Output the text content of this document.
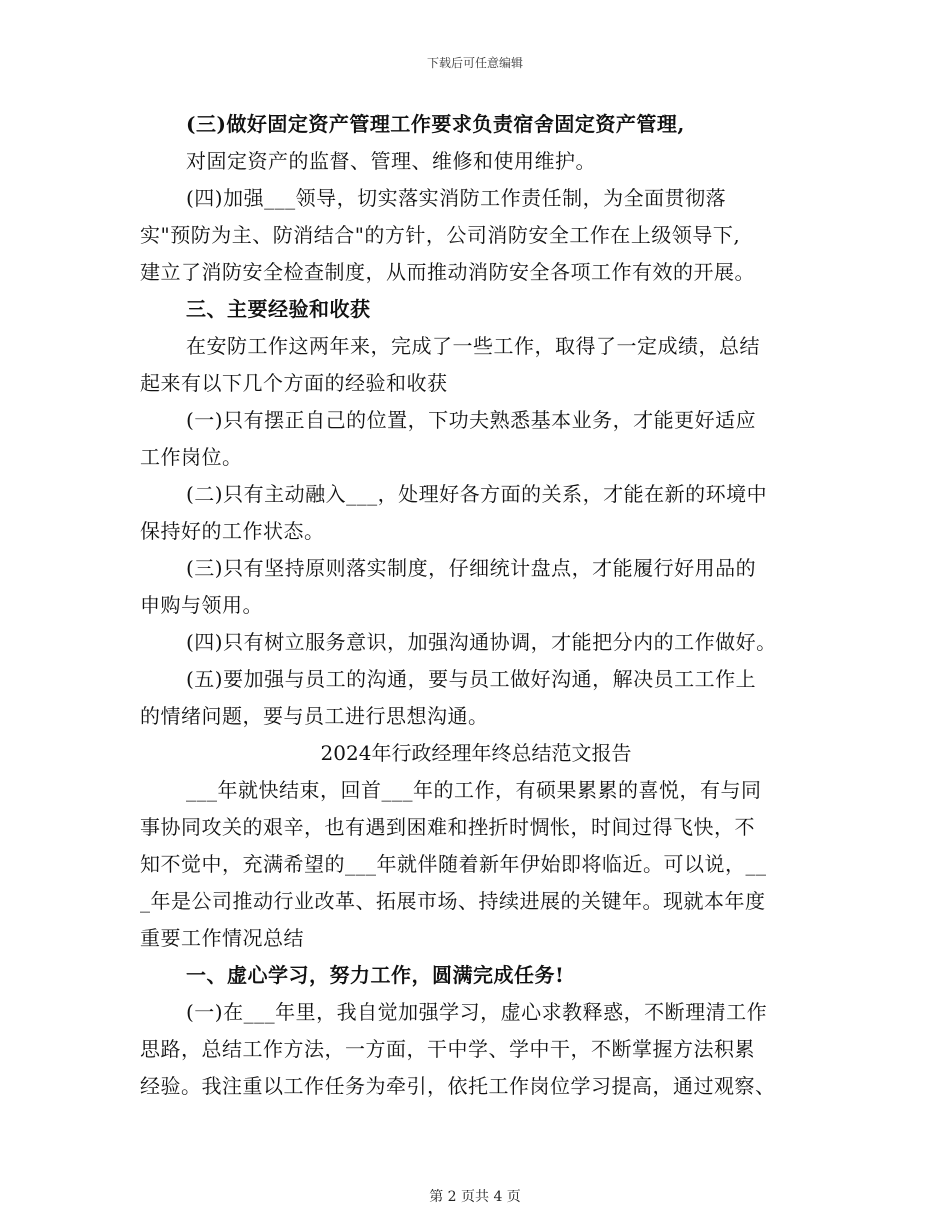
下载后可任意编辑
(三)做好固定资产管理工作要求负责宿舍固定资产管理,
对固定资产的监督、管理、维修和使用维护。
(四)加强___领导，切实落实消防工作责任制，为全面贯彻落
实"预防为主、防消结合"的方针，公司消防安全工作在上级领导下,
建立了消防安全检查制度，从而推动消防安全各项工作有效的开展。
三、主要经验和收获
在安防工作这两年来，完成了一些工作，取得了一定成绩，总结
起来有以下几个方面的经验和收获
(一)只有摆正自己的位置，下功夫熟悉基本业务，才能更好适应
工作岗位。
(二)只有主动融入___，处理好各方面的关系，才能在新的环境中
保持好的工作状态。
(三)只有坚持原则落实制度，仔细统计盘点，才能履行好用品的
申购与领用。
(四)只有树立服务意识，加强沟通协调，才能把分内的工作做好。
(五)要加强与员工的沟通，要与员工做好沟通，解决员工工作上
的情绪问题，要与员工进行思想沟通。
2024年行政经理年终总结范文报告
___年就快结束，回首___年的工作，有硕果累累的喜悦，有与同
事协同攻关的艰辛，也有遇到困难和挫折时惆怅，时间过得飞快，不
知不觉中，充满希望的___年就伴随着新年伊始即将临近。可以说，__
_年是公司推动行业改革、拓展市场、持续进展的关键年。现就本年度
重要工作情况总结
一、虚心学习，努力工作，圆满完成任务!
(一)在___年里，我自觉加强学习，虚心求教释惑，不断理清工作
思路，总结工作方法，一方面，干中学、学中干，不断掌握方法积累
经验。我注重以工作任务为牵引，依托工作岗位学习提高，通过观察、
第 2 页共 4 页
